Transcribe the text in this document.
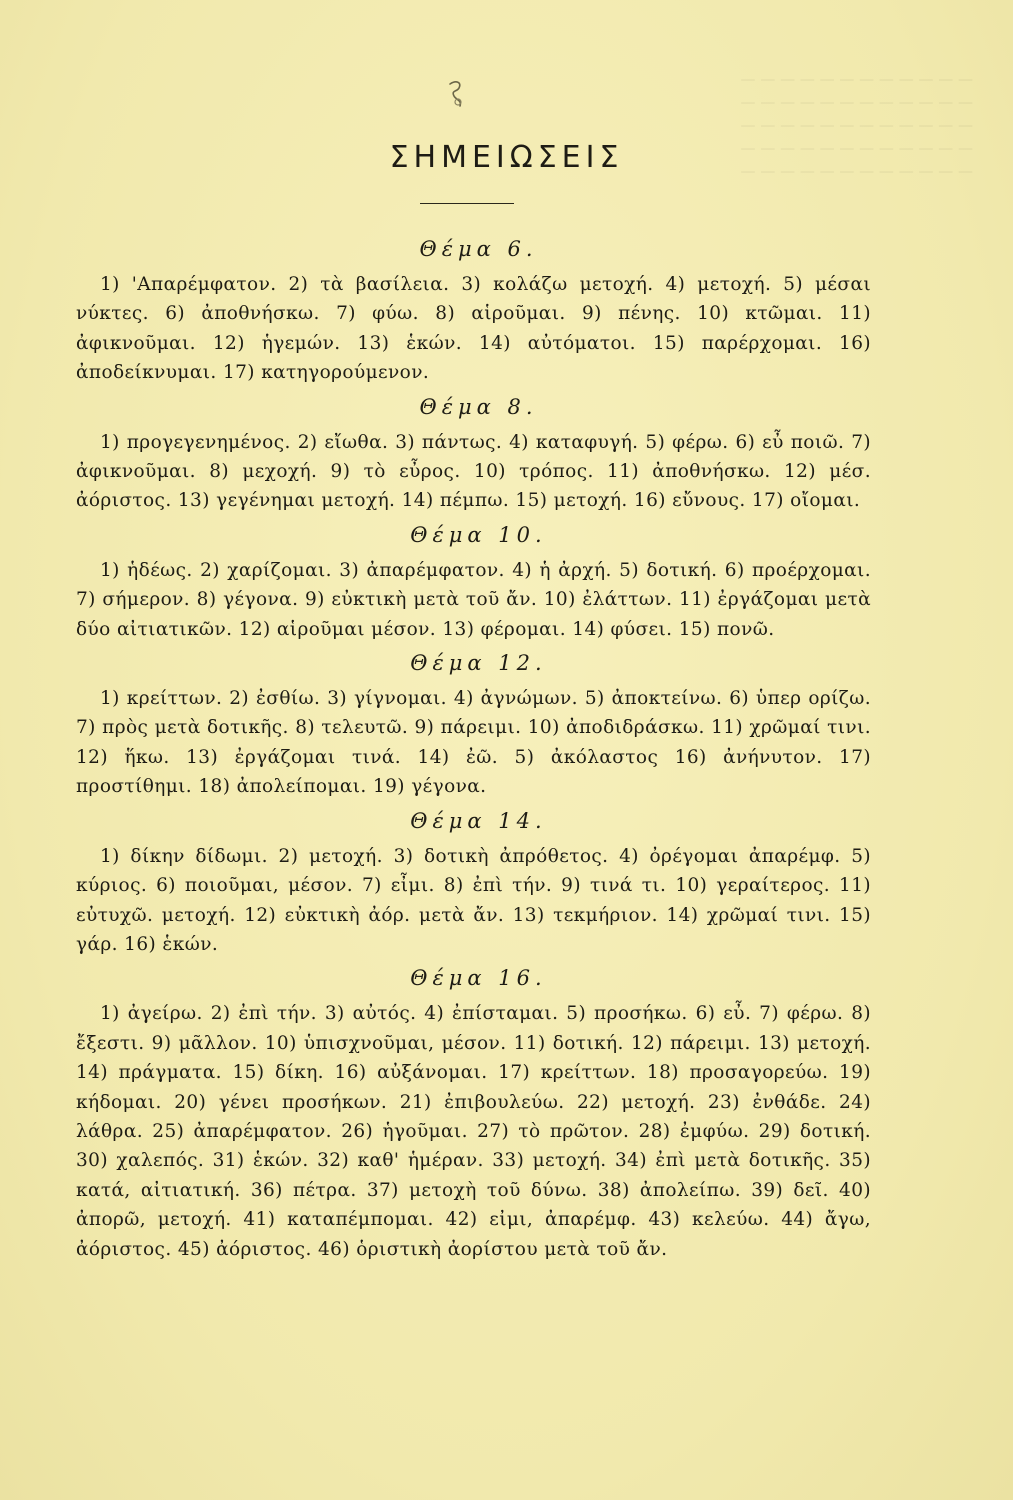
— — — — — — — — — — — —
— — — — — — — — — — — —
— — — — — — — — — — — —
— — — — — — — — — — — —
— — — — — — — — — — — —
ΣΗΜΕΙΩΣΕΙΣ
Θέμα 6.

1) 'Απαρέμφατον. 2) τὰ βασίλεια. 3) κολάζω μετοχή. 4) μετοχή. 5) μέσαι νύκτες. 6) ἀποθνήσκω. 7) φύω. 8) αἱροῦμαι. 9) πένης. 10) κτῶμαι. 11) ἀφικνοῦμαι. 12) ἡγεμών. 13) ἑκών. 14) αὐτόματοι. 15) παρέρχομαι. 16) ἀποδείκνυμαι. 17) κατηγορούμενον.

Θέμα 8.

1) προγεγενημένος. 2) εἴωθα. 3) πάντως. 4) καταφυγή. 5) φέρω. 6) εὖ ποιῶ. 7) ἀφικνοῦμαι. 8) μεχοχή. 9) τὸ εὖρος. 10) τρόπος. 11) ἀποθνήσκω. 12) μέσ. ἀόριστος. 13) γεγένημαι μετοχή. 14) πέμπω. 15) μετοχή. 16) εὔνους. 17) οἴομαι.

Θέμα 10.

1) ἡδέως. 2) χαρίζομαι. 3) ἀπαρέμφατον. 4) ἡ ἀρχή. 5) δοτική. 6) προέρχομαι. 7) σήμερον. 8) γέγονα. 9) εὐκτικὴ μετὰ τοῦ ἄν. 10) ἐλάττων. 11) ἐργάζομαι μετὰ δύο αἰτιατικῶν. 12) αἱροῦμαι μέσον. 13) φέρομαι. 14) φύσει. 15) πονῶ.

Θέμα 12.

1) κρείττων. 2) ἐσθίω. 3) γίγνομαι. 4) ἀγνώμων. 5) ἀποκτείνω. 6) ὑπερ ορίζω. 7) πρὸς μετὰ δοτικῆς. 8) τελευτῶ. 9) πάρειμι. 10) ἀποδιδράσκω. 11) χρῶμαί τινι. 12) ἥκω. 13) ἐργάζομαι τινά. 14) ἐῶ. 5) ἀκόλαστος 16) ἀνήνυτον. 17) προστίθημι. 18) ἀπολείπομαι. 19) γέγονα.

Θέμα 14.

1) δίκην δίδωμι. 2) μετοχή. 3) δοτικὴ ἀπρόθετος. 4) ὀρέγομαι ἀπαρέμφ. 5) κύριος. 6) ποιοῦμαι, μέσον. 7) εἶμι. 8) ἐπὶ τήν. 9) τινά τι. 10) γεραίτερος. 11) εὐτυχῶ. μετοχή. 12) εὐκτικὴ ἀόρ. μετὰ ἄν. 13) τεκμήριον. 14) χρῶμαί τινι. 15) γάρ. 16) ἑκών.

Θέμα 16.

1) ἀγείρω. 2) ἐπὶ τήν. 3) αὐτός. 4) ἐπίσταμαι. 5) προσήκω. 6) εὖ. 7) φέρω. 8) ἔξεστι. 9) μᾶλλον. 10) ὑπισχνοῦμαι, μέσον. 11) δοτική. 12) πάρειμι. 13) μετοχή. 14) πράγματα. 15) δίκη. 16) αὐξάνομαι. 17) κρείττων. 18) προσαγορεύω. 19) κήδομαι. 20) γένει προσήκων. 21) ἐπιβουλεύω. 22) μετοχή. 23) ἐνθάδε. 24) λάθρα. 25) ἀπαρέμφατον. 26) ἡγοῦμαι. 27) τὸ πρῶτον. 28) ἐμφύω. 29) δοτική. 30) χαλεπός. 31) ἑκών. 32) καθ' ἡμέραν. 33) μετοχή. 34) ἐπὶ μετὰ δοτικῆς. 35) κατά, αἰτιατική. 36) πέτρα. 37) μετοχὴ τοῦ δύνω. 38) ἀπολείπω. 39) δεῖ. 40) ἀπορῶ, μετοχή. 41) καταπέμπομαι. 42) εἰμι, ἀπαρέμφ. 43) κελεύω. 44) ἄγω, ἀόριστος. 45) ἀόριστος. 46) ὁριστικὴ ἀορίστου μετὰ τοῦ ἄν.
